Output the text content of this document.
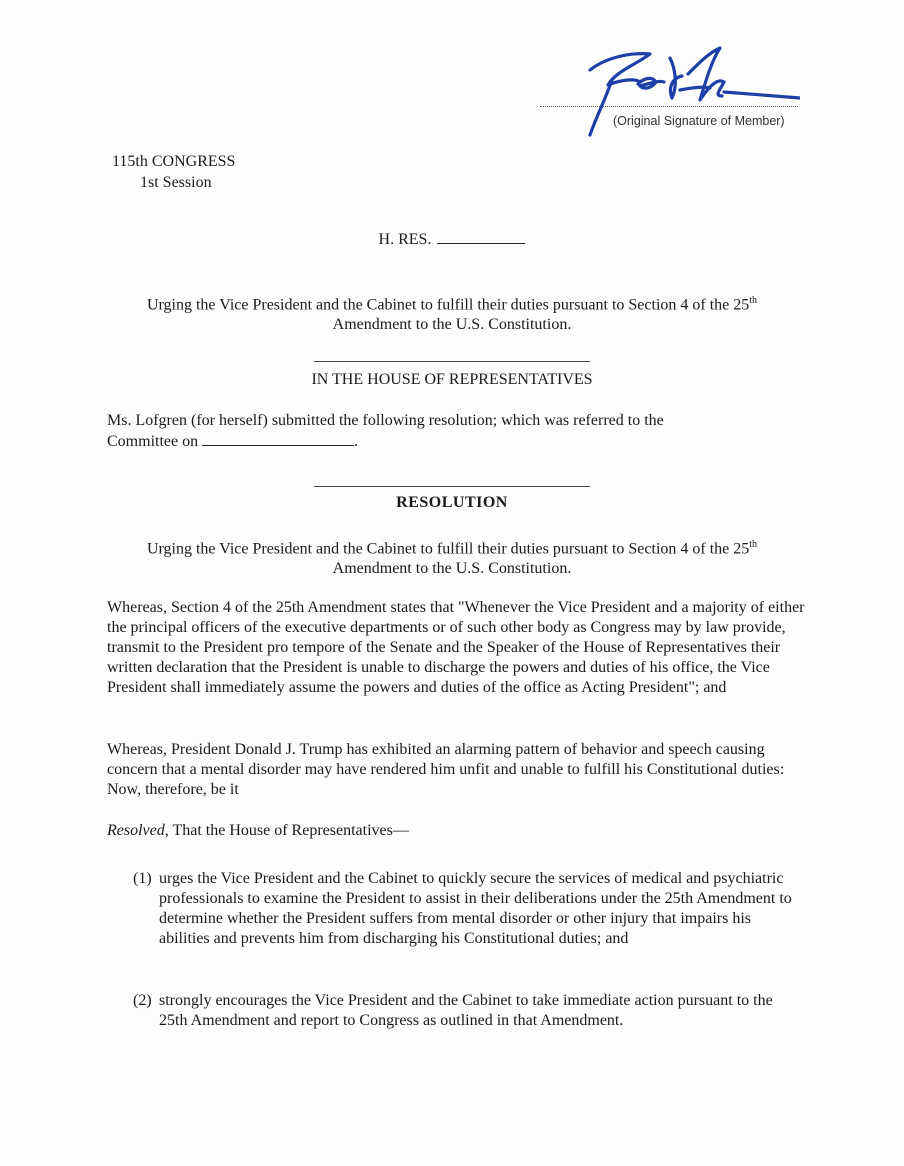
(Original Signature of Member)
115th CONGRESS
1st Session
H. RES.
Urging the Vice President and the Cabinet to fulfill their duties pursuant to Section 4 of the 25th
Amendment to the U.S. Constitution.
IN THE HOUSE OF REPRESENTATIVES
Ms. Lofgren (for herself) submitted the following resolution; which was referred to the
Committee on	.
RESOLUTION
Urging the Vice President and the Cabinet to fulfill their duties pursuant to Section 4 of the 25th
Amendment to the U.S. Constitution.
Whereas, Section 4 of the 25th Amendment states that "Whenever the Vice President and a majority of either the principal officers of the executive departments or of such other body as Congress may by law provide, transmit to the President pro tempore of the Senate and the Speaker of the House of Representatives their written declaration that the President is unable to discharge the powers and duties of his office, the Vice President shall immediately assume the powers and duties of the office as Acting President"; and
Whereas, President Donald J. Trump has exhibited an alarming pattern of behavior and speech causing concern that a mental disorder may have rendered him unfit and unable to fulfill his Constitutional duties: Now, therefore, be it
Resolved, That the House of Representatives—
(1) urges the Vice President and the Cabinet to quickly secure the services of medical and psychiatric professionals to examine the President to assist in their deliberations under the 25th Amendment to determine whether the President suffers from mental disorder or other injury that impairs his abilities and prevents him from discharging his Constitutional duties; and
(2) strongly encourages the Vice President and the Cabinet to take immediate action pursuant to the 25th Amendment and report to Congress as outlined in that Amendment.
